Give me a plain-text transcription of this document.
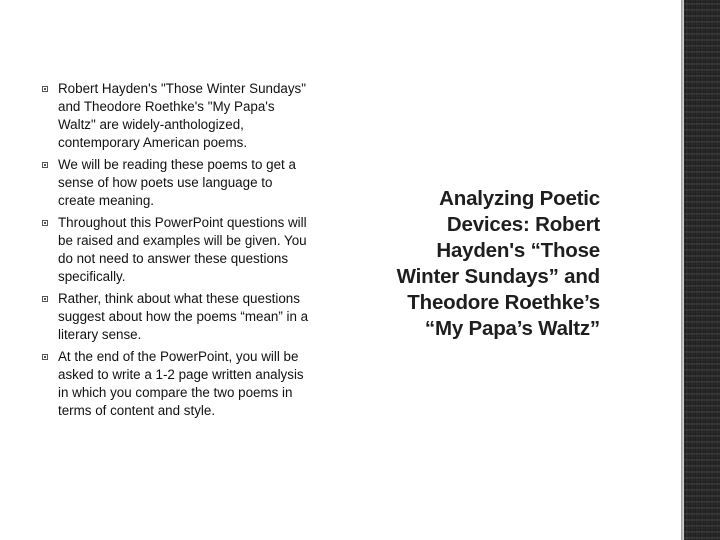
Robert Hayden's "Those Winter Sundays" and Theodore Roethke's "My Papa's Waltz" are widely-anthologized, contemporary American poems.
We will be reading these poems to get a sense of how poets use language to create meaning.
Throughout this PowerPoint questions will be raised and examples will be given. You do not need to answer these questions specifically.
Rather, think about what these questions suggest about how the poems “mean” in a literary sense.
At the end of the PowerPoint, you will be asked to write a 1-2 page written analysis in which you compare the two poems in terms of content and style.
Analyzing Poetic Devices: Robert Hayden's “Those Winter Sundays” and Theodore Roethke’s “My Papa’s Waltz”
